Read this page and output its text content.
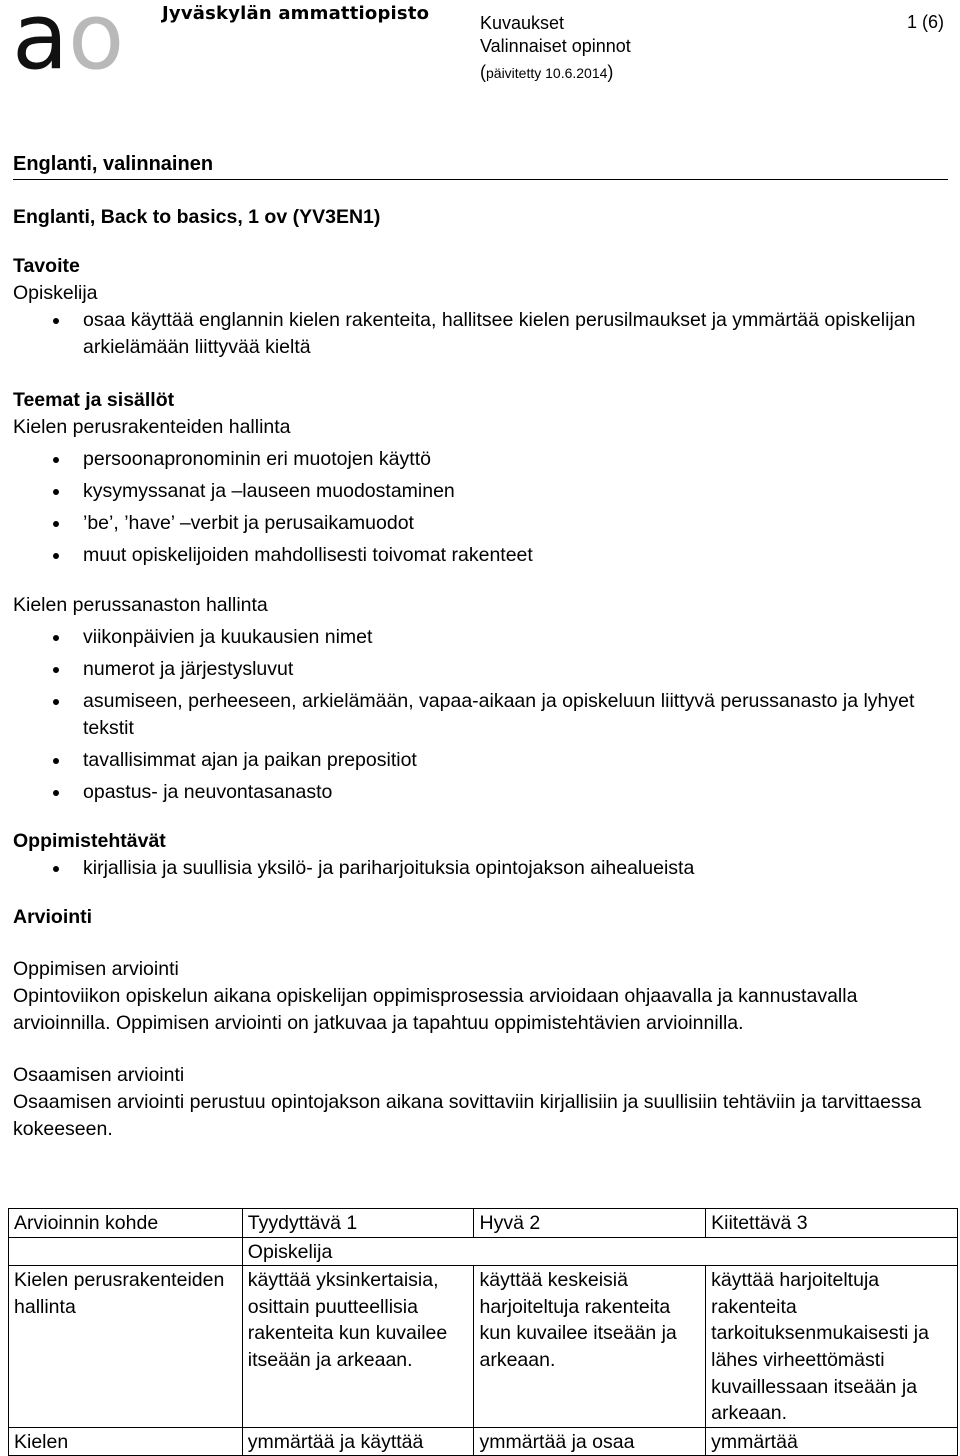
a o Jyväskylän ammattiopisto	Kuvaukset
Valinnaiset opinnot
1 (6)
(päivitetty 10.6.2014)
Englanti, valinnainen

Englanti, Back to basics, 1 ov (YV3EN1)

Tavoite

Opiskelija

osaa käyttää englannin kielen rakenteita, hallitsee kielen perusilmaukset ja ymmärtää opiskelijan arkielämään liittyvää kieltä

Teemat ja sisällöt

Kielen perusrakenteiden hallinta

persoonapronominin eri muotojen käyttö
kysymyssanat ja –lauseen muodostaminen
’be’, ’have’ –verbit ja perusaikamuodot
muut opiskelijoiden mahdollisesti toivomat rakenteet

Kielen perussanaston hallinta

viikonpäivien ja kuukausien nimet
numerot ja järjestysluvut
asumiseen, perheeseen, arkielämään, vapaa-aikaan ja opiskeluun liittyvä perussanasto ja lyhyet tekstit
tavallisimmat ajan ja paikan prepositiot
opastus- ja neuvontasanasto

Oppimistehtävät

kirjallisia ja suullisia yksilö- ja pariharjoituksia opintojakson aihealueista

Arviointi

Oppimisen arviointi

Opintoviikon opiskelun aikana opiskelijan oppimisprosessia arvioidaan ohjaavalla ja kannustavalla arvioinnilla. Oppimisen arviointi on jatkuvaa ja tapahtuu oppimistehtävien arvioinnilla.

Osaamisen arviointi

Osaamisen arviointi perustuu opintojakson aikana sovittaviin kirjallisiin ja suullisiin tehtäviin ja tarvittaessa kokeeseen.

Arvioinnin kohde	Tyydyttävä 1	Hyvä 2	Kiitettävä 3
	Opiskelija		
Kielen perusrakenteiden hallinta	käyttää yksinkertaisia, osittain puutteellisia rakenteita kun kuvailee itseään ja arkeaan.	käyttää keskeisiä harjoiteltuja rakenteita kun kuvailee itseään ja arkeaan.	käyttää harjoiteltuja rakenteita tarkoituksenmukaisesti ja lähes virheettömästi kuvaillessaan itseään ja arkeaan.
Kielen	ymmärtää ja käyttää	ymmärtää ja osaa	ymmärtää
